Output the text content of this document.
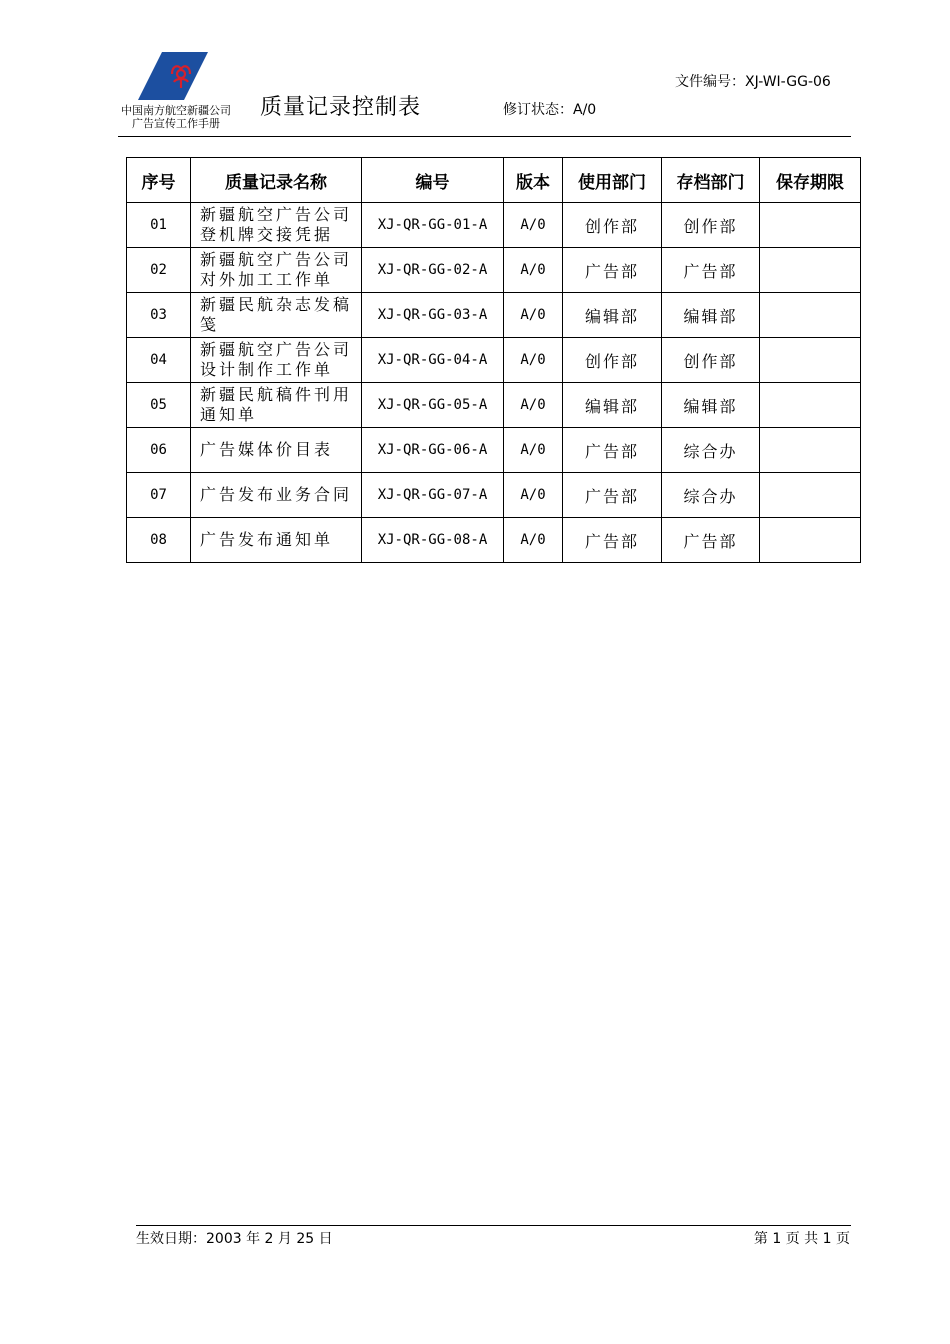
中国南方航空新疆公司
广告宣传工作手册
质量记录控制表	修订状态：A/0
文件编号：XJ-WI-GG-06
序号	质量记录名称	编号	版本	使用部门	存档部门	保存期限
01	新疆航空广告公司登机牌交接凭据	XJ-QR-GG-01-A	A/0	创作部	创作部	
02	新疆航空广告公司对外加工工作单	XJ-QR-GG-02-A	A/0	广告部	广告部	
03	新疆民航杂志发稿笺	XJ-QR-GG-03-A	A/0	编辑部	编辑部	
04	新疆航空广告公司设计制作工作单	XJ-QR-GG-04-A	A/0	创作部	创作部	
05	新疆民航稿件刊用通知单	XJ-QR-GG-05-A	A/0	编辑部	编辑部	
06	广告媒体价目表	XJ-QR-GG-06-A	A/0	广告部	综合办	
07	广告发布业务合同	XJ-QR-GG-07-A	A/0	广告部	综合办	
08	广告发布通知单	XJ-QR-GG-08-A	A/0	广告部	广告部	
生效日期：2003 年 2 月 25 日	第 1 页 共 1 页
